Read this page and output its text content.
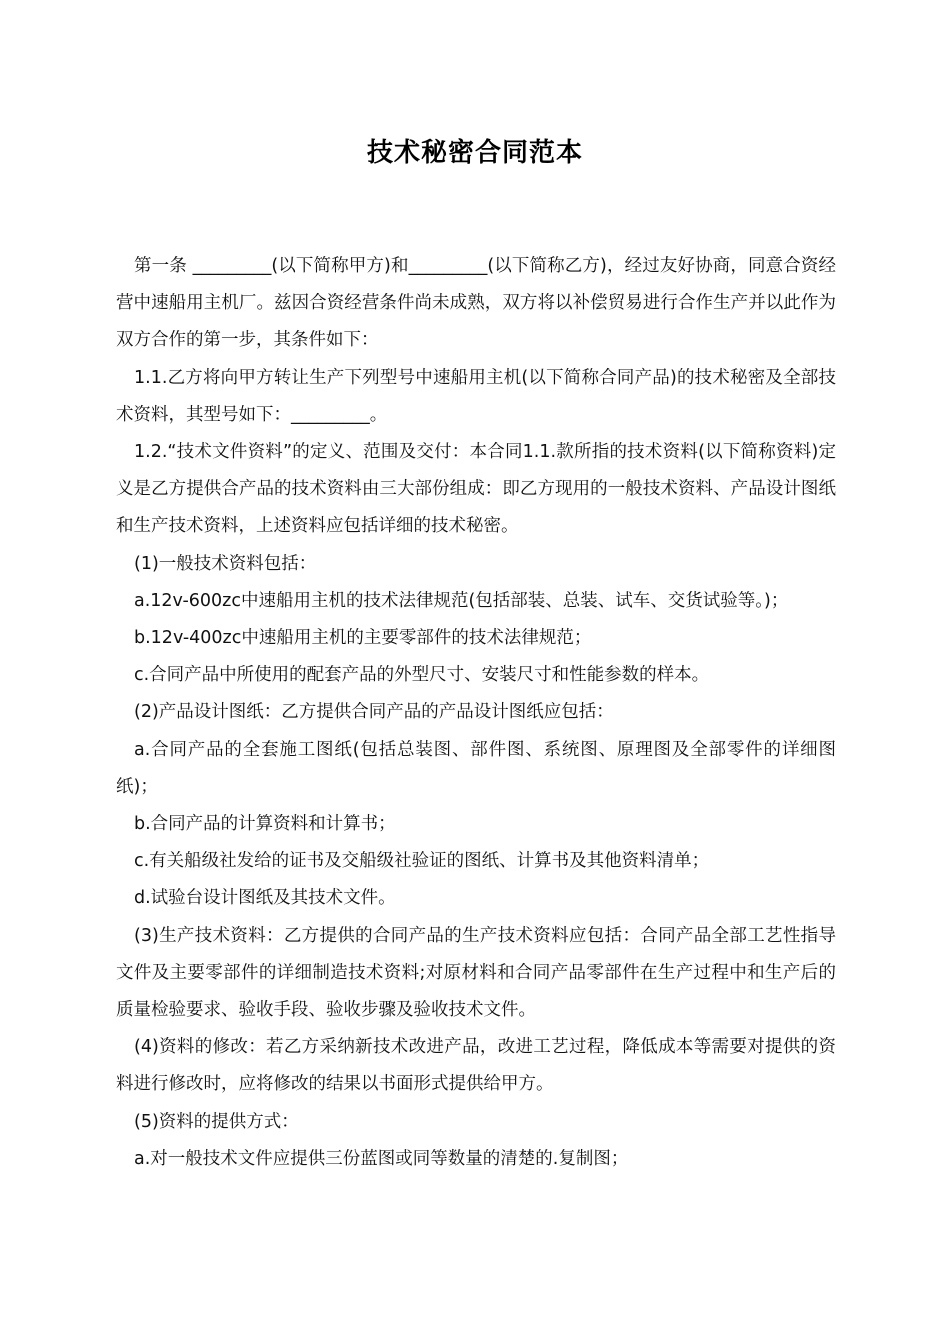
技术秘密合同范本

第一条 _________(以下简称甲方)和_________(以下简称乙方)，经过友好协商，同意合资经营中速船用主机厂。兹因合资经营条件尚未成熟，双方将以补偿贸易进行合作生产并以此作为双方合作的第一步，其条件如下：

1.1.乙方将向甲方转让生产下列型号中速船用主机(以下简称合同产品)的技术秘密及全部技术资料，其型号如下：_________。

1.2.“技术文件资料”的定义、范围及交付：本合同1.1.款所指的技术资料(以下简称资料)定义是乙方提供合产品的技术资料由三大部份组成：即乙方现用的一般技术资料、产品设计图纸和生产技术资料，上述资料应包括详细的技术秘密。

(1)一般技术资料包括：

a.12v-600zc中速船用主机的技术法律规范(包括部装、总装、试车、交货试验等。)；

b.12v-400zc中速船用主机的主要零部件的技术法律规范；

c.合同产品中所使用的配套产品的外型尺寸、安装尺寸和性能参数的样本。

(2)产品设计图纸：乙方提供合同产品的产品设计图纸应包括：

a.合同产品的全套施工图纸(包括总装图、部件图、系统图、原理图及全部零件的详细图纸)；

b.合同产品的计算资料和计算书；

c.有关船级社发给的证书及交船级社验证的图纸、计算书及其他资料清单；

d.试验台设计图纸及其技术文件。

(3)生产技术资料：乙方提供的合同产品的生产技术资料应包括：合同产品全部工艺性指导文件及主要零部件的详细制造技术资料;对原材料和合同产品零部件在生产过程中和生产后的质量检验要求、验收手段、验收步骤及验收技术文件。

(4)资料的修改：若乙方采纳新技术改进产品，改进工艺过程，降低成本等需要对提供的资料进行修改时，应将修改的结果以书面形式提供给甲方。

(5)资料的提供方式：

a.对一般技术文件应提供三份蓝图或同等数量的清楚的.复制图；
